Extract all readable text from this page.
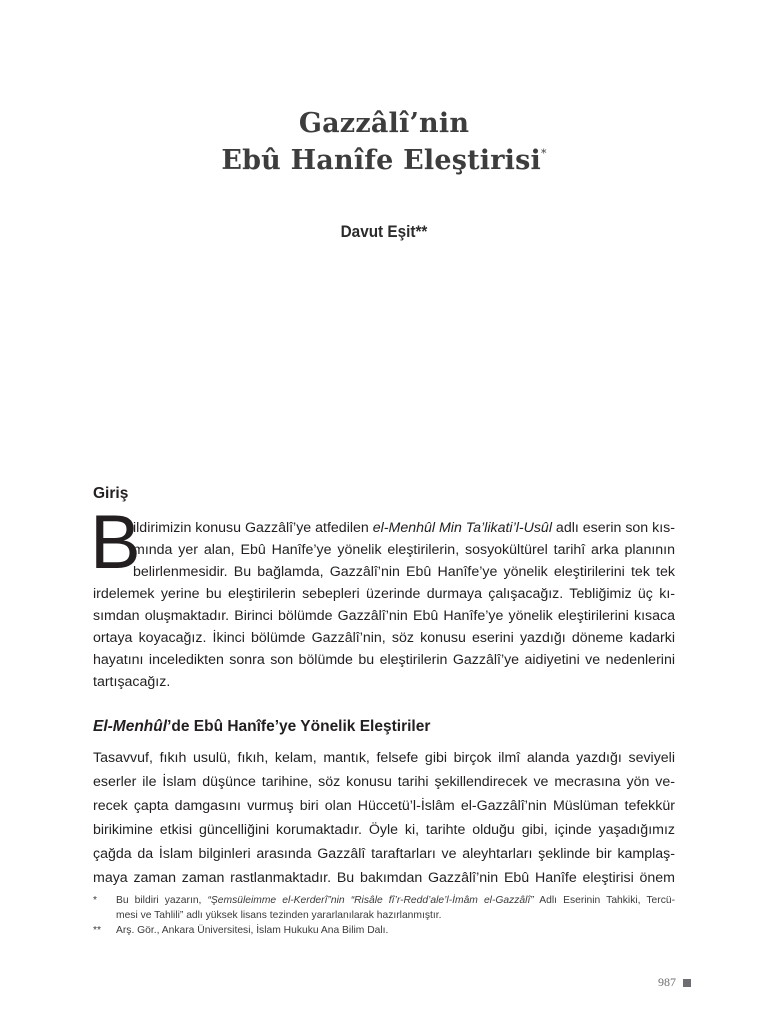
Gazzâlî’nin
Ebû Hanîfe Eleştirisi*
Davut Eşit**
Giriş
B
ildirimizin konusu Gazzâlî’ye atfedilen el-Menhûl Min Ta’likati’l-Usûl adlı eserin son kıs-
mında yer alan, Ebû Hanîfe’ye yönelik eleştirilerin, sosyokültürel tarihî arka planının
belirlenmesidir. Bu bağlamda, Gazzâlî’nin Ebû Hanîfe’ye yönelik eleştirilerini tek tek
irdelemek yerine bu eleştirilerin sebepleri üzerinde durmaya çalışacağız. Tebliğimiz üç kı-
sımdan oluşmaktadır. Birinci bölümde Gazzâlî’nin Ebû Hanîfe’ye yönelik eleştirilerini kısaca
ortaya koyacağız. İkinci bölümde Gazzâlî’nin, söz konusu eserini yazdığı döneme kadarki
hayatını inceledikten sonra son bölümde bu eleştirilerin Gazzâlî’ye aidiyetini ve nedenlerini
tartışacağız.
El-Menhûl’de Ebû Hanîfe’ye Yönelik Eleştiriler
Tasavvuf, fıkıh usulü, fıkıh, kelam, mantık, felsefe gibi birçok ilmî alanda yazdığı seviyeli
eserler ile İslam düşünce tarihine, söz konusu tarihi şekillendirecek ve mecrasına yön ve-
recek çapta damgasını vurmuş biri olan Hüccetü’l-İslâm el-Gazzâlî’nin Müslüman tefekkür
birikimine etkisi güncelliğini korumaktadır. Öyle ki, tarihte olduğu gibi, içinde yaşadığımız
çağda da İslam bilginleri arasında Gazzâlî taraftarları ve aleyhtarları şeklinde bir kamplaş-
maya zaman zaman rastlanmaktadır. Bu bakımdan Gazzâlî’nin Ebû Hanîfe eleştirisi önem
* Bu bildiri yazarın, “Şemsüleimme el-Kerderî”nin “Risâle fî’r-Redd’ale’l-İmâm el-Gazzâlî” Adlı Eserinin Tahkiki, Tercü-
mesi ve Tahlili” adlı yüksek lisans tezinden yararlanılarak hazırlanmıştır.
** Arş. Gör., Ankara Üniversitesi, İslam Hukuku Ana Bilim Dalı.
987
